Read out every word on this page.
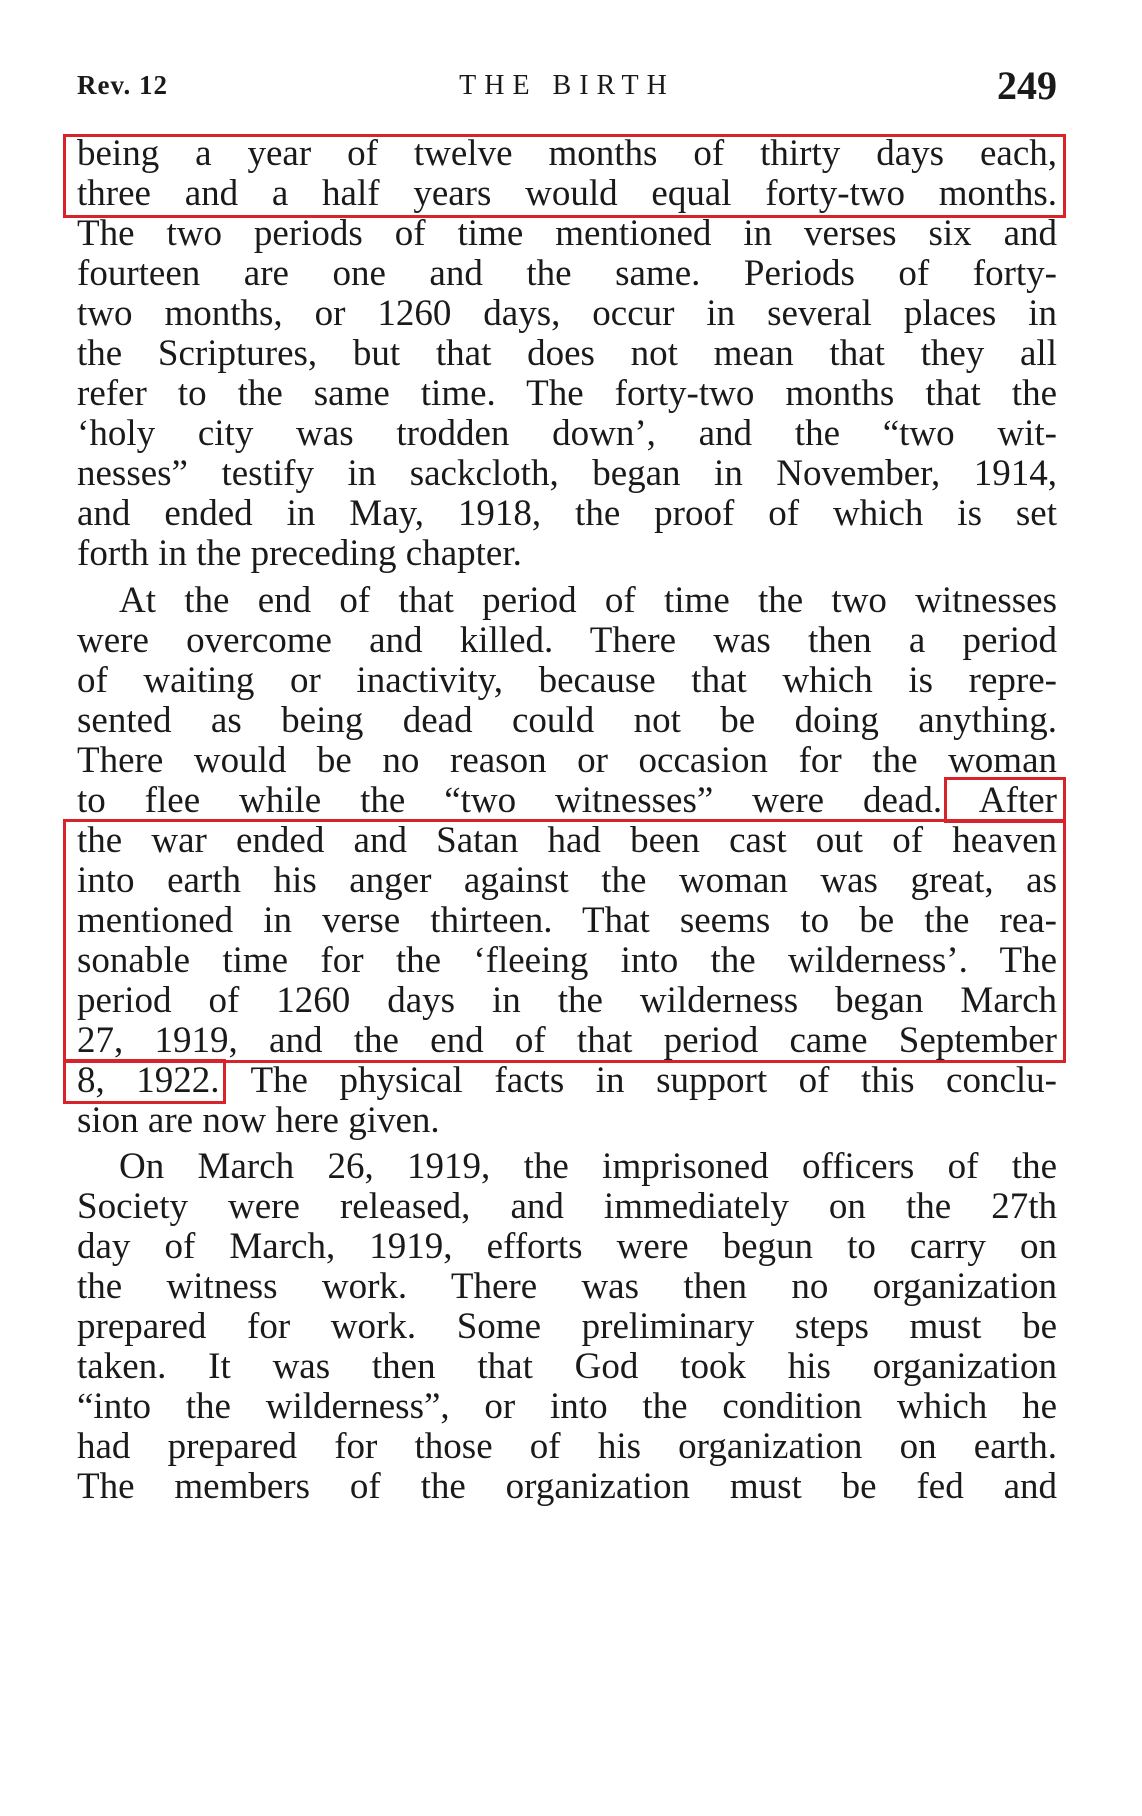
Rev. 12	THE BIRTH	249
being a year of twelve months of thirty days each,
three and a half years would equal forty-two months.
The two periods of time mentioned in verses six and
fourteen are one and the same. Periods of forty-
two months, or 1260 days, occur in several places in
the Scriptures, but that does not mean that they all
refer to the same time. The forty-two months that the
‘holy city was trodden down’, and the “two wit-
nesses” testify in sackcloth, began in November, 1914,
and ended in May, 1918, the proof of which is set
forth in the preceding chapter.
At the end of that period of time the two witnesses
were overcome and killed. There was then a period
of waiting or inactivity, because that which is repre-
sented as being dead could not be doing anything.
There would be no reason or occasion for the woman
to flee while the “two witnesses” were dead. After
the war ended and Satan had been cast out of heaven
into earth his anger against the woman was great, as
mentioned in verse thirteen. That seems to be the rea-
sonable time for the ‘fleeing into the wilderness’. The
period of 1260 days in the wilderness began March
27, 1919, and the end of that period came September
8, 1922. The physical facts in support of this conclu-
sion are now here given.
On March 26, 1919, the imprisoned officers of the
Society were released, and immediately on the 27th
day of March, 1919, efforts were begun to carry on
the witness work. There was then no organization
prepared for work. Some preliminary steps must be
taken. It was then that God took his organization
“into the wilderness”, or into the condition which he
had prepared for those of his organization on earth.
The members of the organization must be fed and
